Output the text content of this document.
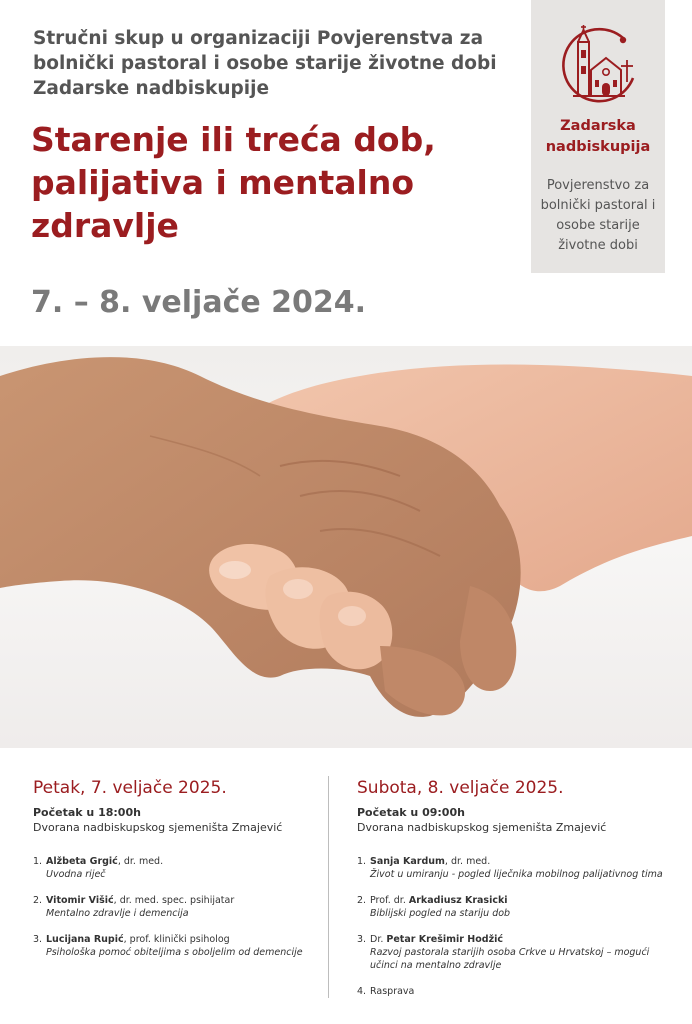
Stručni skup u organizaciji Povjerenstva za bolnički pastoral i osobe starije životne dobi Zadarske nadbiskupije
Starenje ili treća dob, palijativa i mentalno zdravlje
7. – 8. veljače 2024.
Zadarska nadbiskupija
Povjerenstvo za bolnički pastoral i osobe starije životne dobi
Petak, 7. veljače 2025.
Početak u 18:00h
Dvorana nadbiskupskog sjemeništa Zmajević
1. Alžbeta Grgić, dr. med.
Uvodna riječ
2. Vitomir Višić, dr. med. spec. psihijatar
Mentalno zdravlje i demencija
3. Lucijana Rupić, prof. klinički psiholog
Psihološka pomoć obiteljima s oboljelim od demencije
Subota, 8. veljače 2025.
Početak u 09:00h
Dvorana nadbiskupskog sjemeništa Zmajević
1. Sanja Kardum, dr. med.
Život u umiranju - pogled liječnika mobilnog palijativnog tima
2. Prof. dr. Arkadiusz Krasicki
Biblijski pogled na stariju dob
3. Dr. Petar Krešimir Hodžić
Razvoj pastorala starijih osoba Crkve u Hrvatskoj – mogući učinci na mentalno zdravlje
4. Rasprava
